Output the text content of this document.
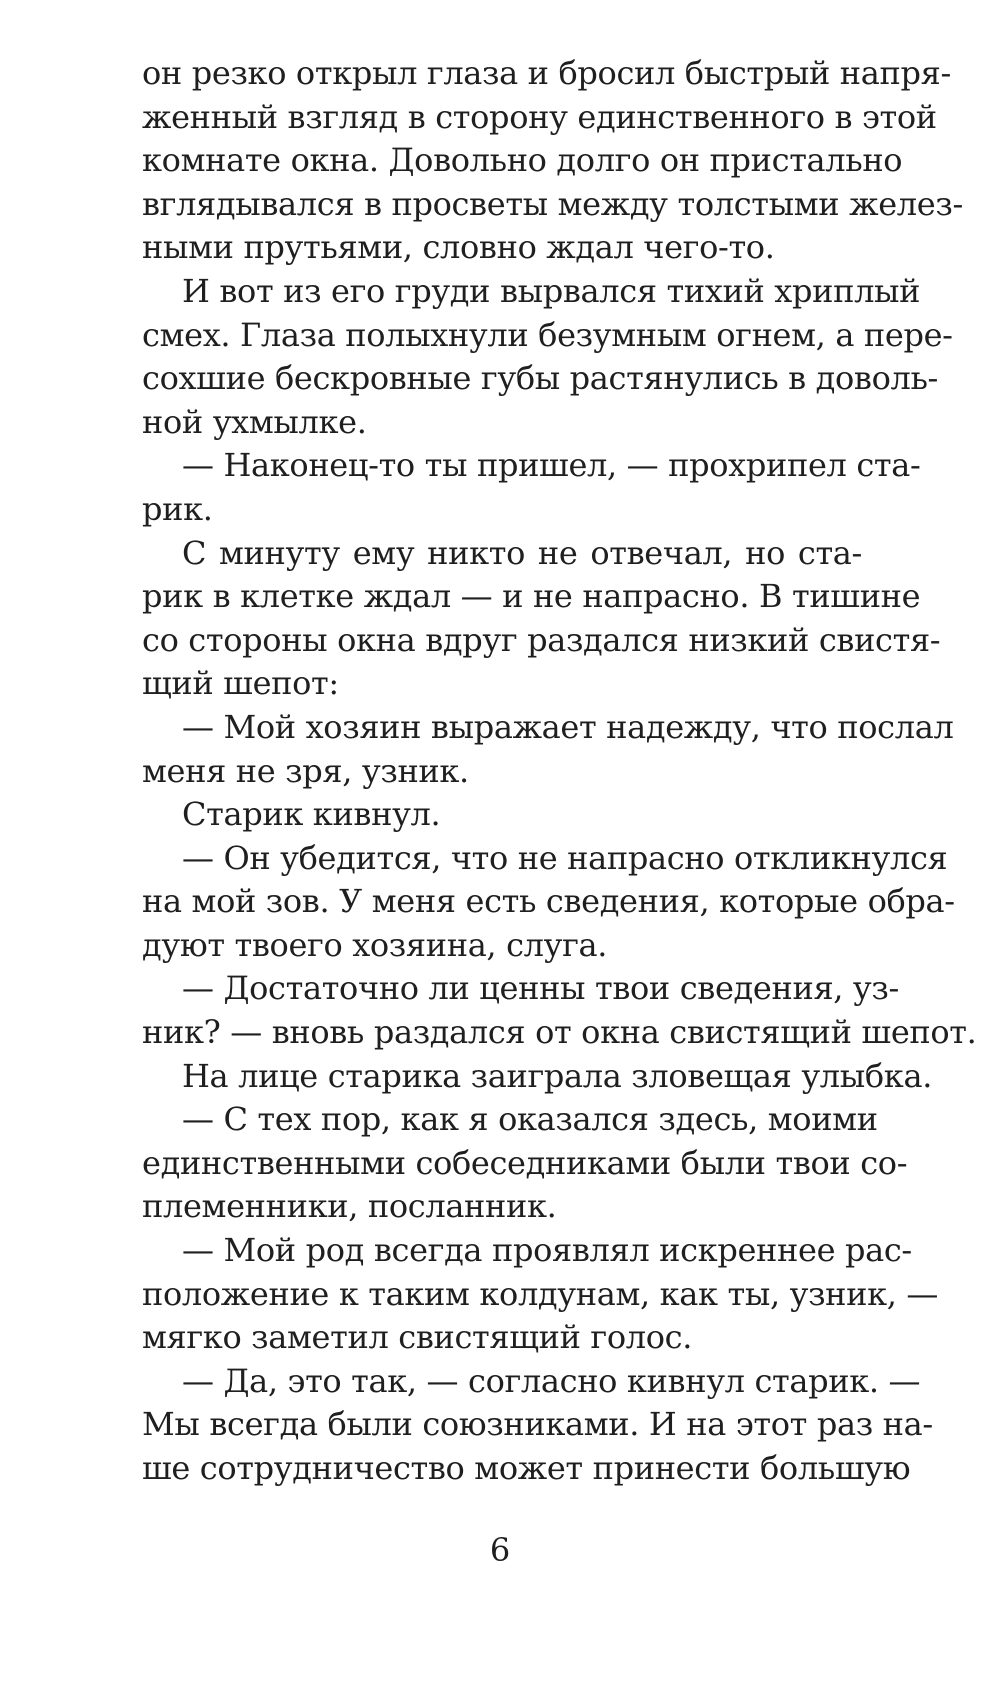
он резко открыл глаза и бросил быстрый напря-
женный взгляд в сторону единственного в этой
комнате окна. Довольно долго он пристально
вглядывался в просветы между толстыми желез-
ными прутьями, словно ждал чего-то.
И вот из его груди вырвался тихий хриплый
смех. Глаза полыхнули безумным огнем, а пере-
сохшие бескровные губы растянулись в доволь-
ной ухмылке.
— Наконец-то ты пришел, — прохрипел ста-
рик.
С минуту ему никто не отвечал, но ста-
рик в клетке ждал — и не напрасно. В тишине
со стороны окна вдруг раздался низкий свистя-
щий шепот:
— Мой хозяин выражает надежду, что послал
меня не зря, узник.
Старик кивнул.
— Он убедится, что не напрасно откликнулся
на мой зов. У меня есть сведения, которые обра-
дуют твоего хозяина, слуга.
— Достаточно ли ценны твои сведения, уз-
ник? — вновь раздался от окна свистящий шепот.
На лице старика заиграла зловещая улыбка.
— С тех пор, как я оказался здесь, моими
единственными собеседниками были твои со-
племенники, посланник.
— Мой род всегда проявлял искреннее рас-
положение к таким колдунам, как ты, узник, —
мягко заметил свистящий голос.
— Да, это так, — согласно кивнул старик. —
Мы всегда были союзниками. И на этот раз на-
ше сотрудничество может принести большую
6
